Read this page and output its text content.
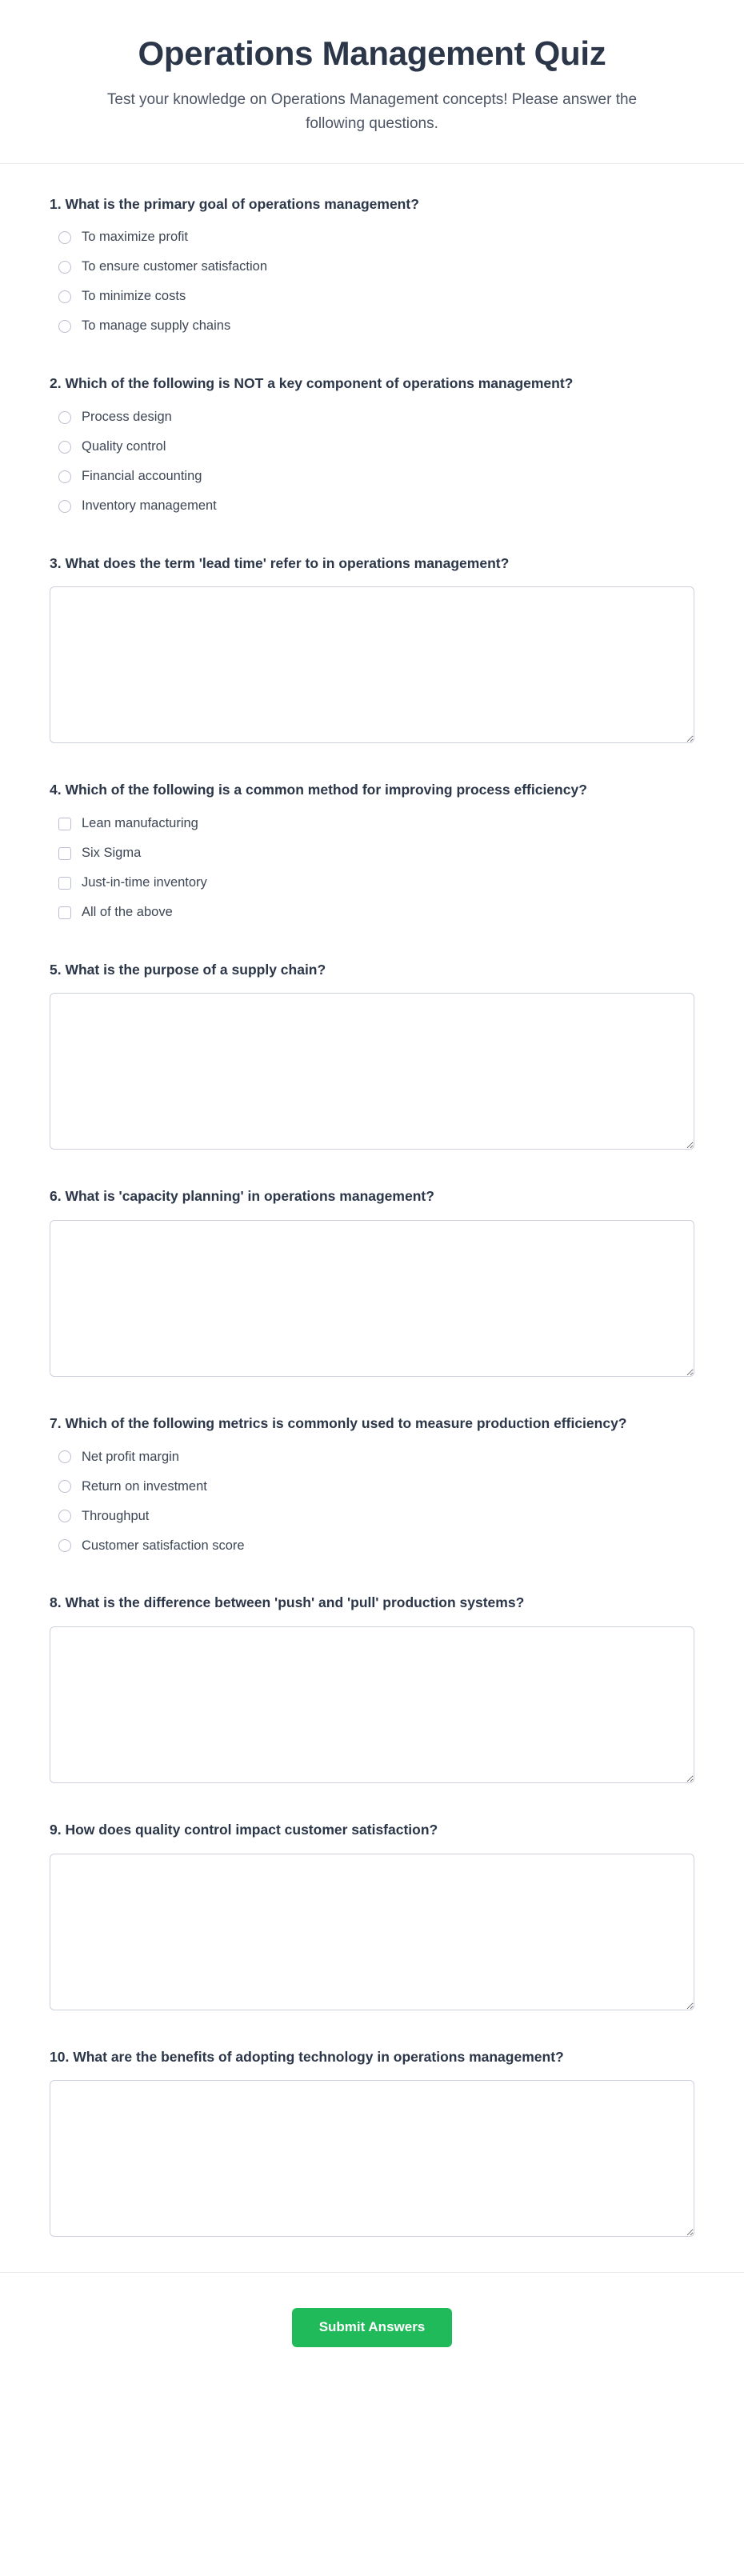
Operations Management Quiz

Test your knowledge on Operations Management concepts! Please answer the following questions.

1. What is the primary goal of operations management?
To maximize profit
To ensure customer satisfaction
To minimize costs
To manage supply chains
2. Which of the following is NOT a key component of operations management?
Process design
Quality control
Financial accounting
Inventory management
3. What does the term 'lead time' refer to in operations management?
4. Which of the following is a common method for improving process efficiency?
Lean manufacturing
Six Sigma
Just-in-time inventory
All of the above
5. What is the purpose of a supply chain?
6. What is 'capacity planning' in operations management?
7. Which of the following metrics is commonly used to measure production efficiency?
Net profit margin
Return on investment
Throughput
Customer satisfaction score
8. What is the difference between 'push' and 'pull' production systems?
9. How does quality control impact customer satisfaction?
10. What are the benefits of adopting technology in operations management?
Submit Answers
